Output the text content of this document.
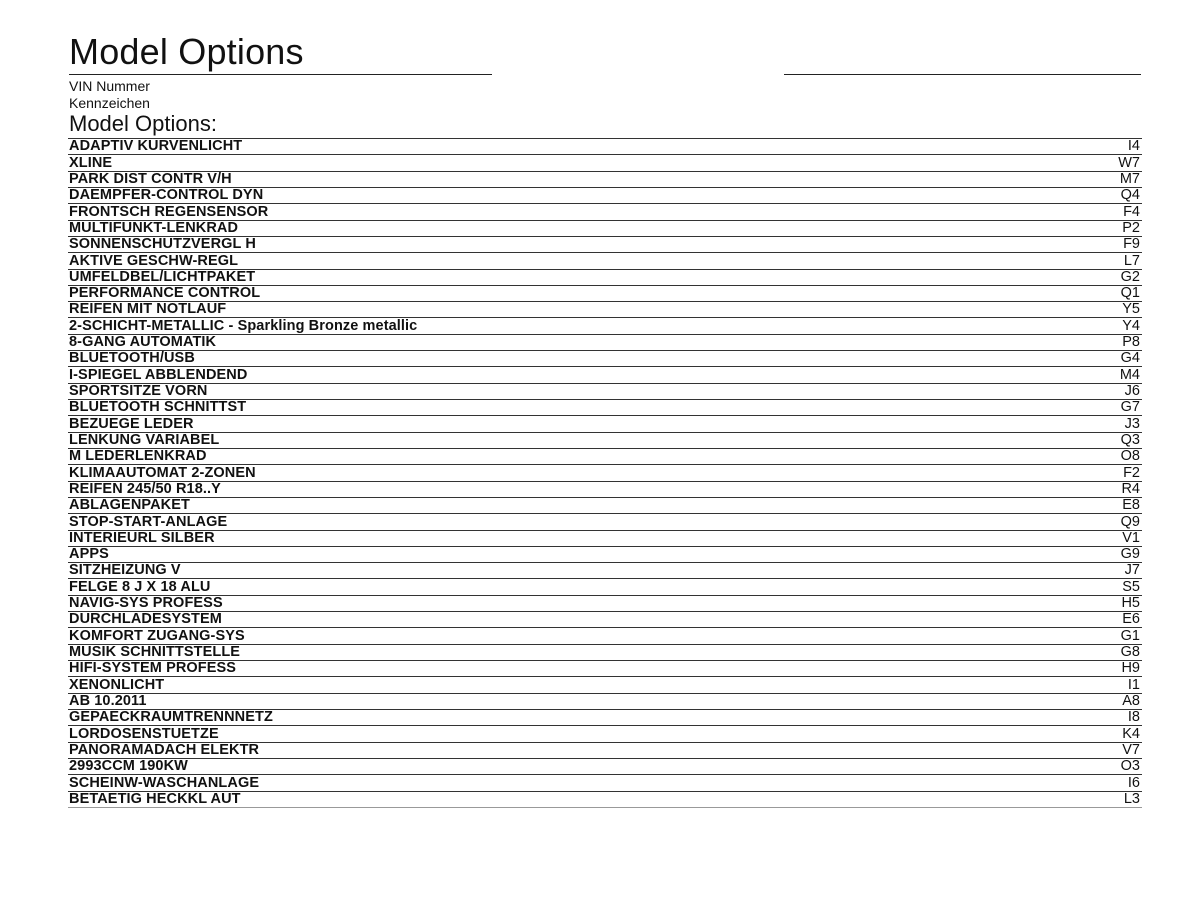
Model Options
VIN Nummer
Kennzeichen
Model Options:
ADAPTIV KURVENLICHT	I4
XLINE	W7
PARK DIST CONTR V/H	M7
DAEMPFER-CONTROL DYN	Q4
FRONTSCH REGENSENSOR	F4
MULTIFUNKT-LENKRAD	P2
SONNENSCHUTZVERGL H	F9
AKTIVE GESCHW-REGL	L7
UMFELDBEL/LICHTPAKET	G2
PERFORMANCE CONTROL	Q1
REIFEN MIT NOTLAUF	Y5
2-SCHICHT-METALLIC - Sparkling Bronze metallic	Y4
8-GANG AUTOMATIK	P8
BLUETOOTH/USB	G4
I-SPIEGEL ABBLENDEND	M4
SPORTSITZE VORN	J6
BLUETOOTH SCHNITTST	G7
BEZUEGE LEDER	J3
LENKUNG VARIABEL	Q3
M LEDERLENKRAD	O8
KLIMAAUTOMAT 2-ZONEN	F2
REIFEN 245/50 R18..Y	R4
ABLAGENPAKET	E8
STOP-START-ANLAGE	Q9
INTERIEURL SILBER	V1
APPS	G9
SITZHEIZUNG V	J7
FELGE 8 J X 18 ALU	S5
NAVIG-SYS PROFESS	H5
DURCHLADESYSTEM	E6
KOMFORT ZUGANG-SYS	G1
MUSIK SCHNITTSTELLE	G8
HIFI-SYSTEM PROFESS	H9
XENONLICHT	I1
AB 10.2011	A8
GEPAECKRAUMTRENNNETZ	I8
LORDOSENSTUETZE	K4
PANORAMADACH ELEKTR	V7
2993CCM 190KW	O3
SCHEINW-WASCHANLAGE	I6
BETAETIG HECKKL AUT	L3
